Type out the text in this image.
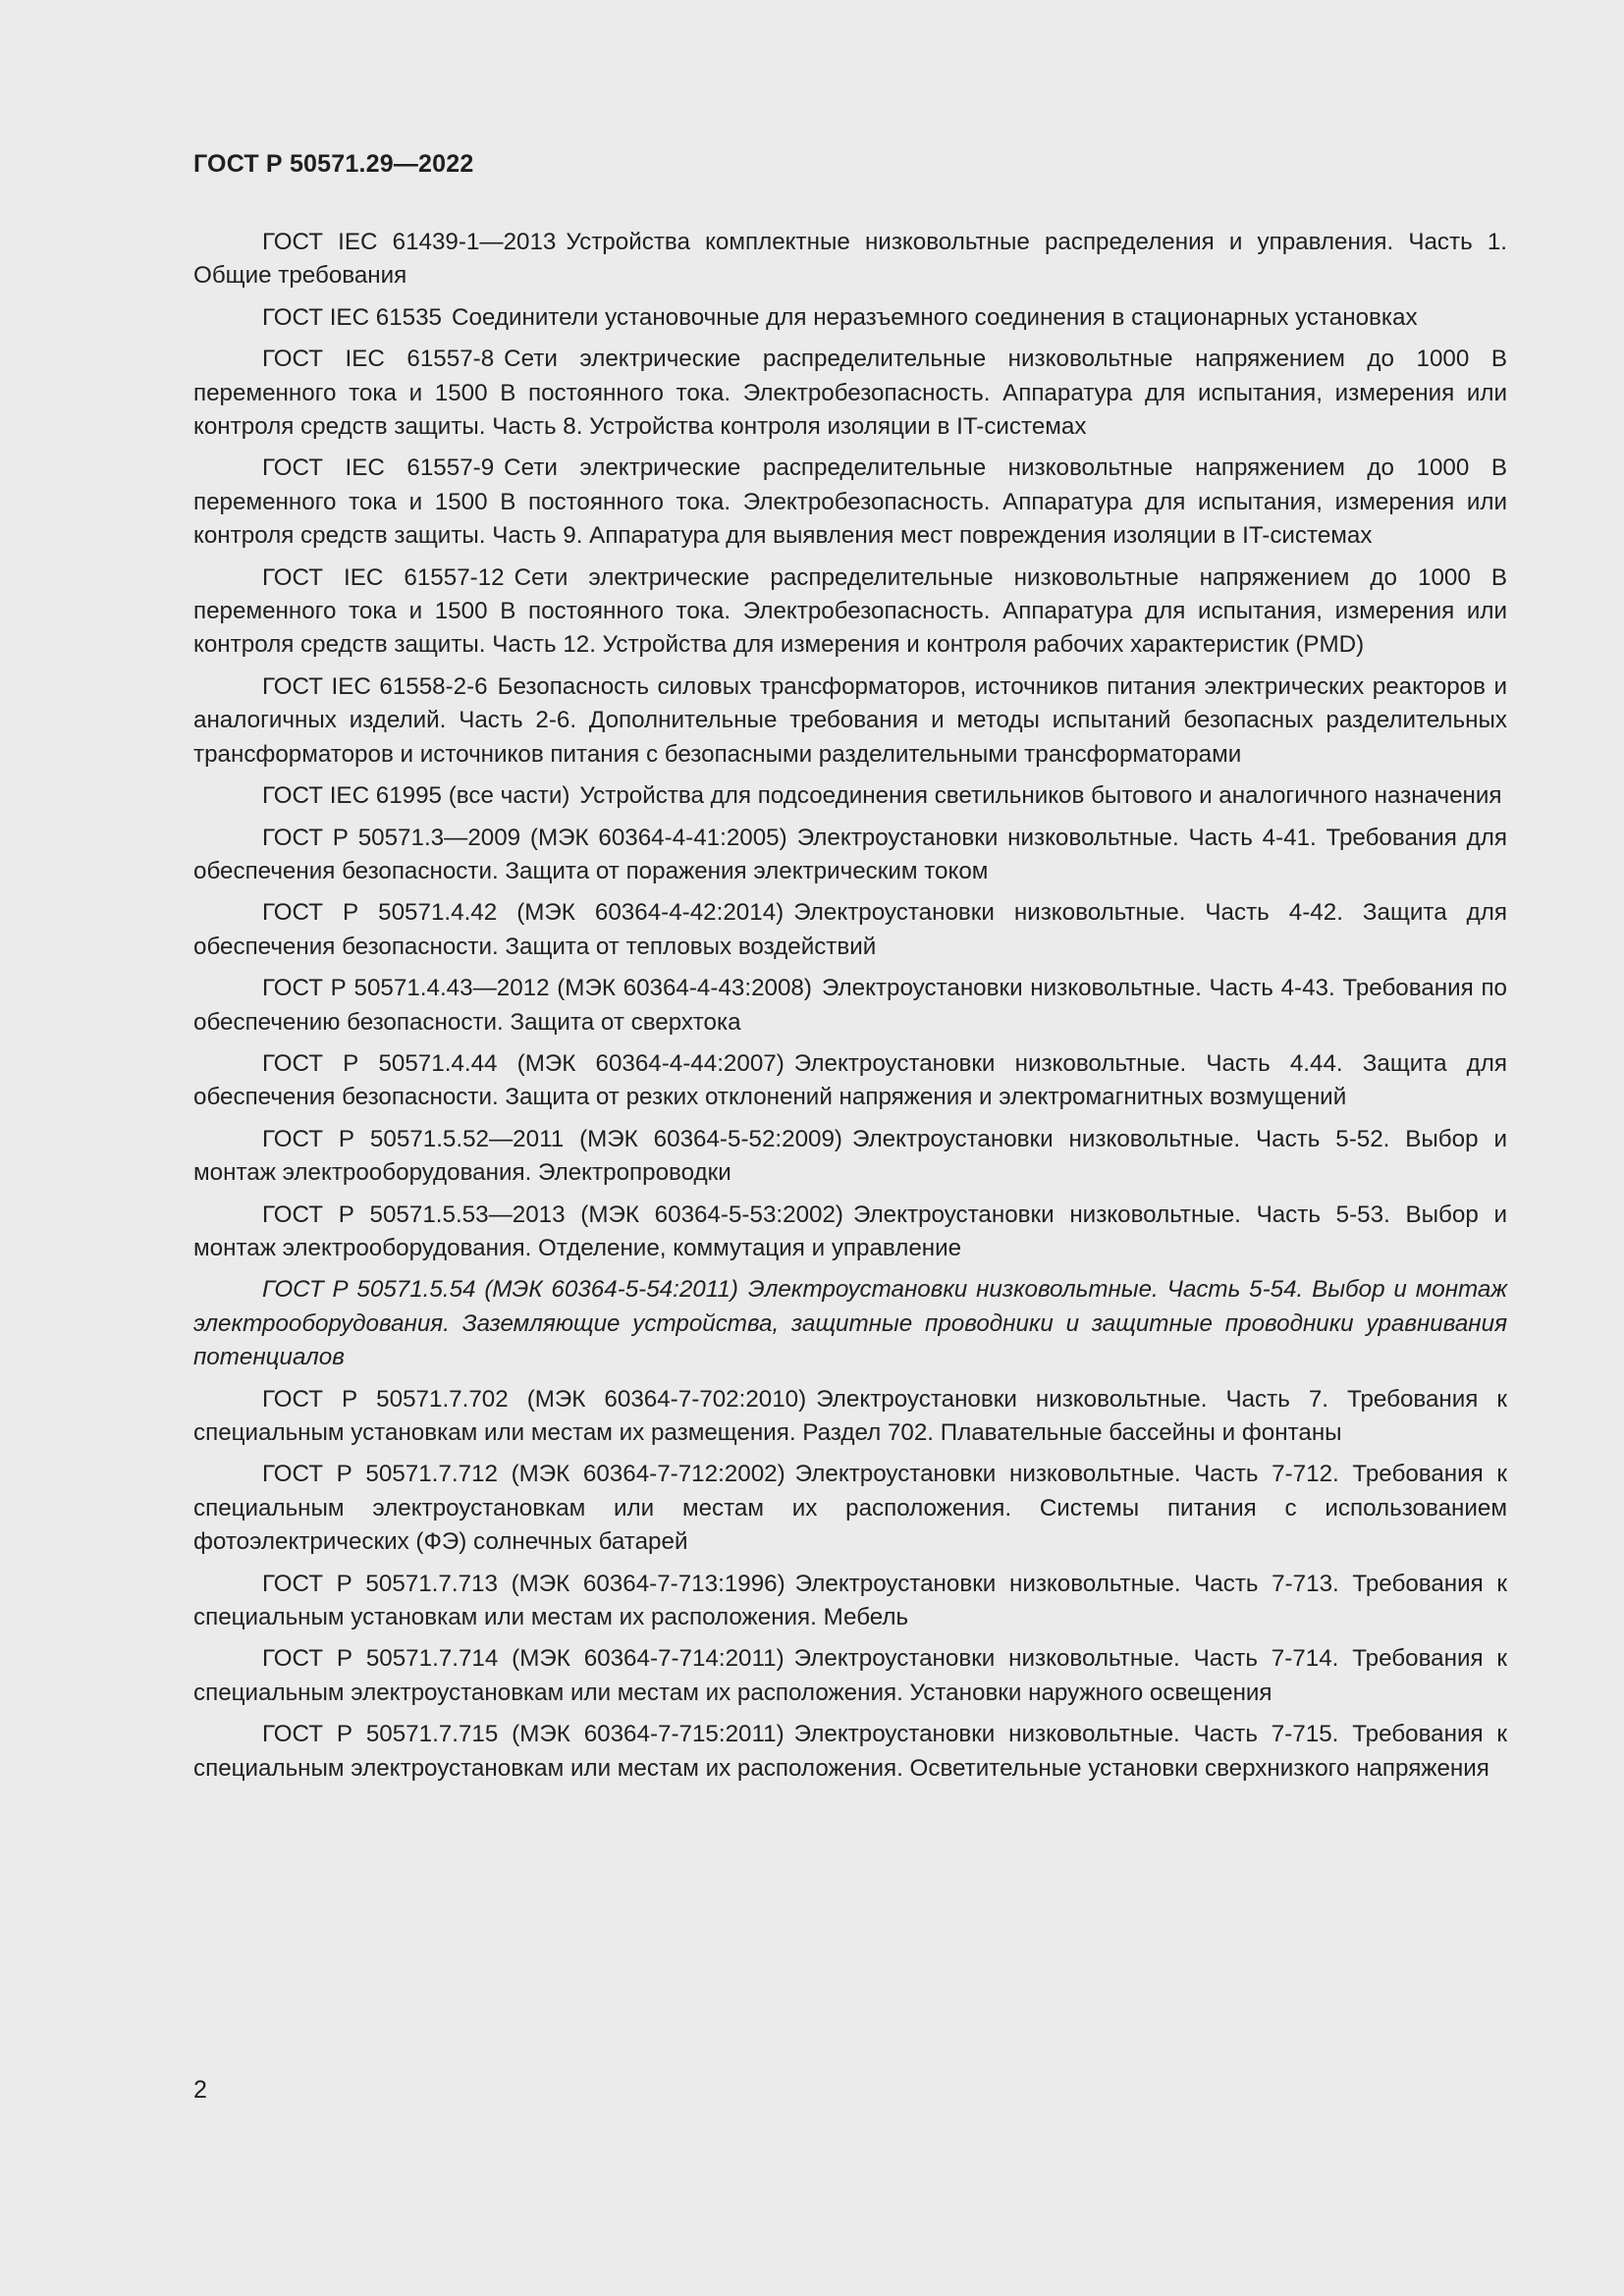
ГОСТ Р 50571.29—2022

ГОСТ IEC 61439-1—2013 Устройства комплектные низковольтные распределения и управления. Часть 1. Общие требования

ГОСТ IEC 61535 Соединители установочные для неразъемного соединения в стационарных установках

ГОСТ IEC 61557-8 Сети электрические распределительные низковольтные напряжением до 1000 В переменного тока и 1500 В постоянного тока. Электробезопасность. Аппаратура для испытания, измерения или контроля средств защиты. Часть 8. Устройства контроля изоляции в IT-системах

ГОСТ IEC 61557-9 Сети электрические распределительные низковольтные напряжением до 1000 В переменного тока и 1500 В постоянного тока. Электробезопасность. Аппаратура для испытания, измерения или контроля средств защиты. Часть 9. Аппаратура для выявления мест повреждения изоляции в IT-системах

ГОСТ IEC 61557-12 Сети электрические распределительные низковольтные напряжением до 1000 В переменного тока и 1500 В постоянного тока. Электробезопасность. Аппаратура для испытания, измерения или контроля средств защиты. Часть 12. Устройства для измерения и контроля рабочих характеристик (PMD)

ГОСТ IEC 61558-2-6 Безопасность силовых трансформаторов, источников питания электрических реакторов и аналогичных изделий. Часть 2-6. Дополнительные требования и методы испытаний безопасных разделительных трансформаторов и источников питания с безопасными разделительными трансформаторами

ГОСТ IEC 61995 (все части) Устройства для подсоединения светильников бытового и аналогичного назначения

ГОСТ Р 50571.3—2009 (МЭК 60364-4-41:2005) Электроустановки низковольтные. Часть 4-41. Требования для обеспечения безопасности. Защита от поражения электрическим током

ГОСТ Р 50571.4.42 (МЭК 60364-4-42:2014) Электроустановки низковольтные. Часть 4-42. Защита для обеспечения безопасности. Защита от тепловых воздействий

ГОСТ Р 50571.4.43—2012 (МЭК 60364-4-43:2008) Электроустановки низковольтные. Часть 4-43. Требования по обеспечению безопасности. Защита от сверхтока

ГОСТ Р 50571.4.44 (МЭК 60364-4-44:2007) Электроустановки низковольтные. Часть 4.44. Защита для обеспечения безопасности. Защита от резких отклонений напряжения и электромагнитных возмущений

ГОСТ Р 50571.5.52—2011 (МЭК 60364-5-52:2009) Электроустановки низковольтные. Часть 5-52. Выбор и монтаж электрооборудования. Электропроводки

ГОСТ Р 50571.5.53—2013 (МЭК 60364-5-53:2002) Электроустановки низковольтные. Часть 5-53. Выбор и монтаж электрооборудования. Отделение, коммутация и управление

ГОСТ Р 50571.5.54 (МЭК 60364-5-54:2011) Электроустановки низковольтные. Часть 5-54. Выбор и монтаж электрооборудования. Заземляющие устройства, защитные проводники и защитные проводники уравнивания потенциалов

ГОСТ Р 50571.7.702 (МЭК 60364-7-702:2010) Электроустановки низковольтные. Часть 7. Требования к специальным установкам или местам их размещения. Раздел 702. Плавательные бассейны и фонтаны

ГОСТ Р 50571.7.712 (МЭК 60364-7-712:2002) Электроустановки низковольтные. Часть 7-712. Требования к специальным электроустановкам или местам их расположения. Системы питания с использованием фотоэлектрических (ФЭ) солнечных батарей

ГОСТ Р 50571.7.713 (МЭК 60364-7-713:1996) Электроустановки низковольтные. Часть 7-713. Требования к специальным установкам или местам их расположения. Мебель

ГОСТ Р 50571.7.714 (МЭК 60364-7-714:2011) Электроустановки низковольтные. Часть 7-714. Требования к специальным электроустановкам или местам их расположения. Установки наружного освещения

ГОСТ Р 50571.7.715 (МЭК 60364-7-715:2011) Электроустановки низковольтные. Часть 7-715. Требования к специальным электроустановкам или местам их расположения. Осветительные установки сверхнизкого напряжения

2
